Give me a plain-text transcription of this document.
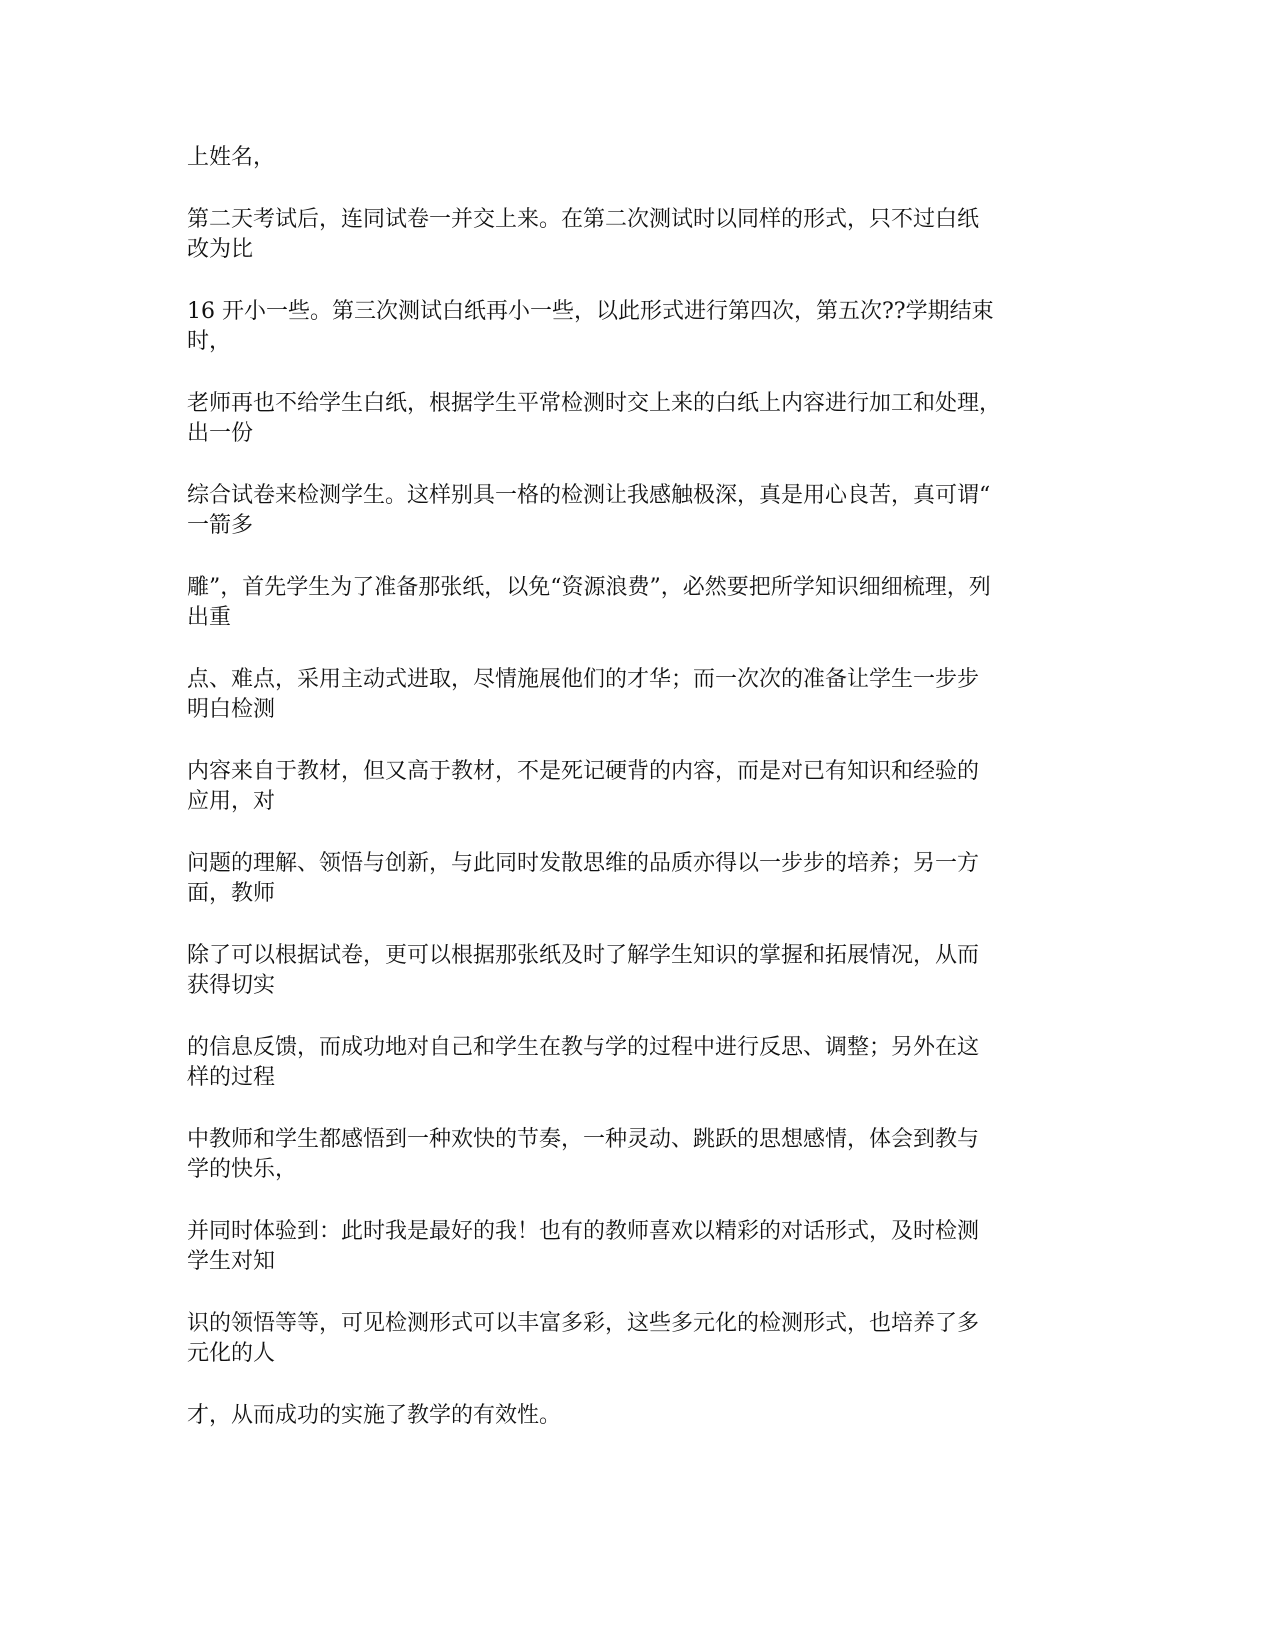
上姓名，

第二天考试后，连同试卷一并交上来。在第二次测试时以同样的形式，只不过白纸
改为比

16 开小一些。第三次测试白纸再小一些，以此形式进行第四次，第五次??学期结束
时，

老师再也不给学生白纸，根据学生平常检测时交上来的白纸上内容进行加工和处理，
出一份

综合试卷来检测学生。这样别具一格的检测让我感触极深，真是用心良苦，真可谓“
一箭多

雕”，首先学生为了准备那张纸，以免“资源浪费”，必然要把所学知识细细梳理，列
出重

点、难点，采用主动式进取，尽情施展他们的才华；而一次次的准备让学生一步步
明白检测

内容来自于教材，但又高于教材，不是死记硬背的内容，而是对已有知识和经验的
应用，对

问题的理解、领悟与创新，与此同时发散思维的品质亦得以一步步的培养；另一方
面，教师

除了可以根据试卷，更可以根据那张纸及时了解学生知识的掌握和拓展情况，从而
获得切实

的信息反馈，而成功地对自己和学生在教与学的过程中进行反思、调整；另外在这
样的过程

中教师和学生都感悟到一种欢快的节奏，一种灵动、跳跃的思想感情，体会到教与
学的快乐，

并同时体验到：此时我是最好的我！也有的教师喜欢以精彩的对话形式，及时检测
学生对知

识的领悟等等，可见检测形式可以丰富多彩，这些多元化的检测形式，也培养了多
元化的人

才，从而成功的实施了教学的有效性。
